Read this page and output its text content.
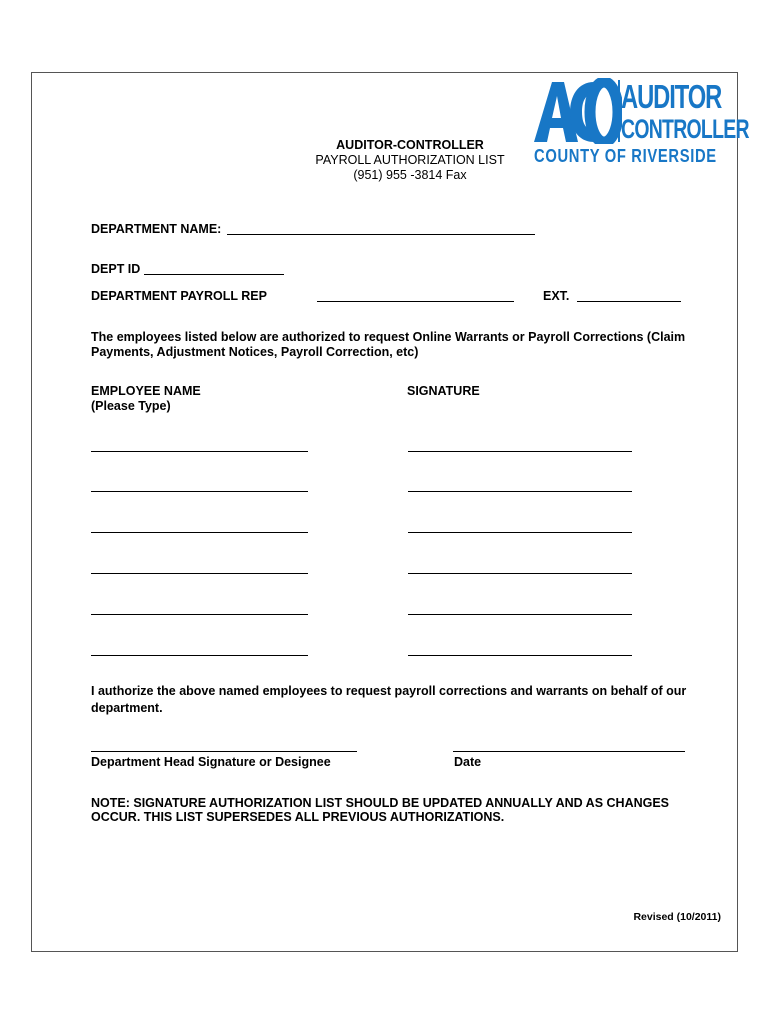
AUDITOR
CONTROLLER
COUNTY OF RIVERSIDE
AUDITOR-CONTROLLER
PAYROLL AUTHORIZATION LIST
(951) 955 -3814 Fax
DEPARTMENT NAME:
DEPT ID
DEPARTMENT PAYROLL REP	EXT.
The employees listed below are authorized to request Online Warrants or Payroll Corrections (Claim
Payments, Adjustment Notices, Payroll Correction, etc)
EMPLOYEE NAME
(Please Type)
SIGNATURE
I authorize the above named employees to request payroll corrections and warrants on behalf of our
department.
Department Head Signature or Designee	Date
NOTE: SIGNATURE AUTHORIZATION LIST SHOULD BE UPDATED ANNUALLY AND AS CHANGES
OCCUR. THIS LIST SUPERSEDES ALL PREVIOUS AUTHORIZATIONS.
Revised (10/2011)
